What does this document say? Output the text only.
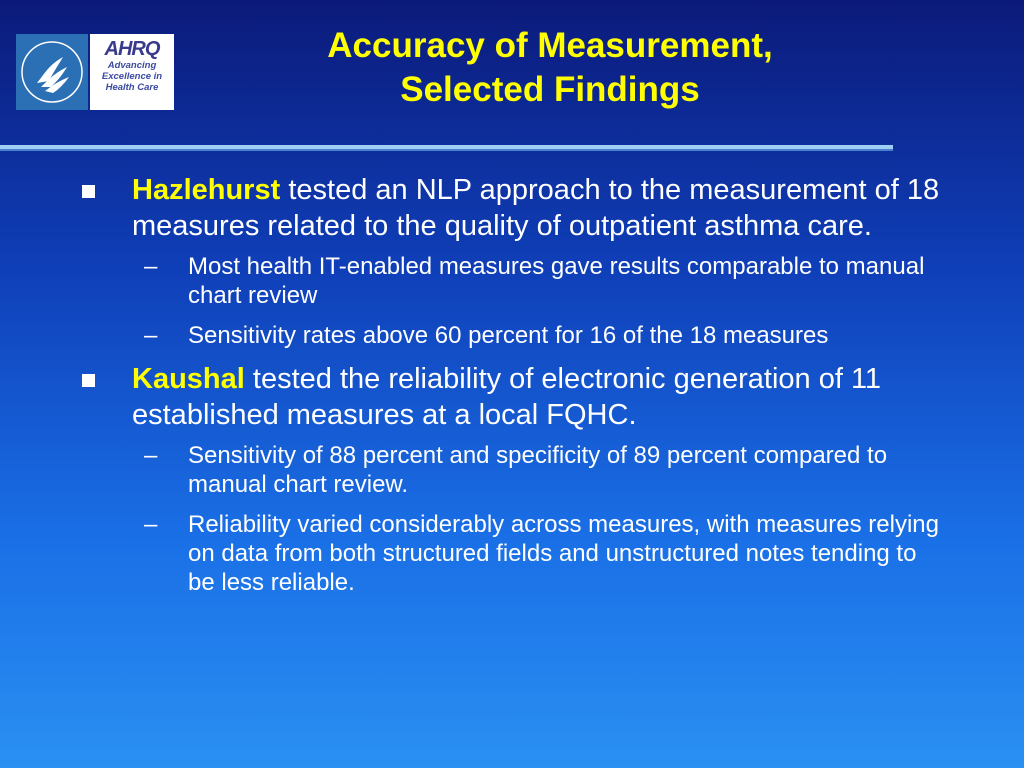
AHRQ
Advancing
Excellence in
Health Care
Accuracy of Measurement,
Selected Findings
Hazlehurst tested an NLP approach to the measurement of 18 measures related to the quality of outpatient asthma care.
– Most health IT-enabled measures gave results comparable to manual chart review
– Sensitivity rates above 60 percent for 16 of the 18 measures
Kaushal tested the reliability of electronic generation of 11 established measures at a local FQHC.
– Sensitivity of 88 percent and specificity of 89 percent compared to manual chart review.
– Reliability varied considerably across measures, with measures relying on data from both structured fields and unstructured notes tending to be less reliable.
